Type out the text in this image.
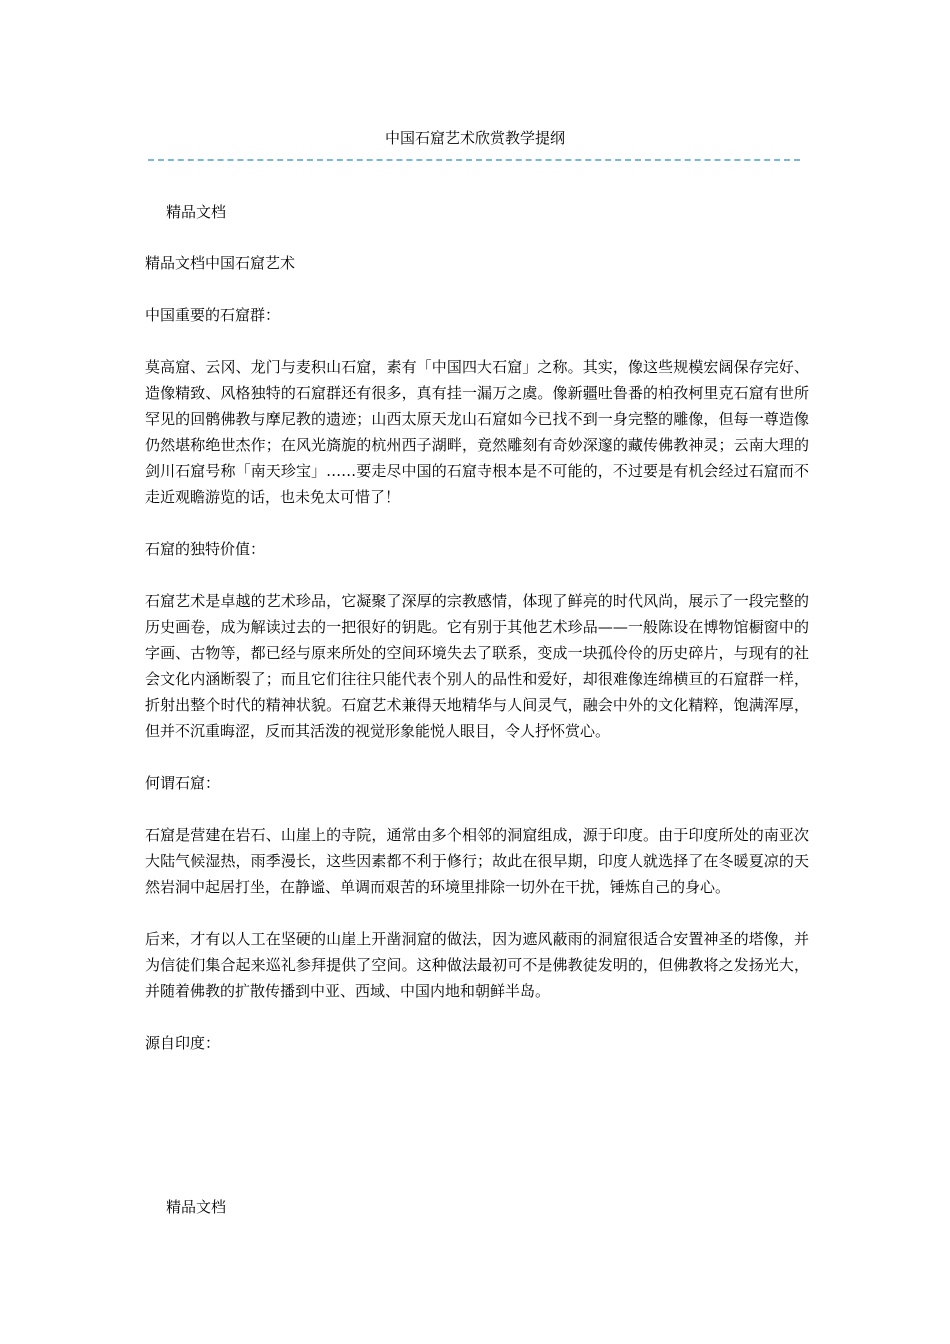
中国石窟艺术欣赏教学提纲
精品文档

精品文档中国石窟艺术

中国重要的石窟群：

莫高窟、云冈、龙门与麦积山石窟，素有「中国四大石窟」之称。其实，像这些规模宏阔保存完好、造像精致、风格独特的石窟群还有很多，真有挂一漏万之虞。像新疆吐鲁番的柏孜柯里克石窟有世所罕见的回鹘佛教与摩尼教的遗迹；山西太原天龙山石窟如今已找不到一身完整的雕像，但每一尊造像仍然堪称绝世杰作；在风光旖旎的杭州西子湖畔，竟然雕刻有奇妙深邃的藏传佛教神灵；云南大理的剑川石窟号称「南天珍宝」……要走尽中国的石窟寺根本是不可能的，不过要是有机会经过石窟而不走近观瞻游览的话，也未免太可惜了！

石窟的独特价值：

石窟艺术是卓越的艺术珍品，它凝聚了深厚的宗教感情，体现了鲜亮的时代风尚，展示了一段完整的历史画卷，成为解读过去的一把很好的钥匙。它有别于其他艺术珍品——一般陈设在博物馆橱窗中的字画、古物等，都已经与原来所处的空间环境失去了联系，变成一块孤伶伶的历史碎片，与现有的社会文化内涵断裂了；而且它们往往只能代表个别人的品性和爱好，却很难像连绵横亘的石窟群一样，折射出整个时代的精神状貌。石窟艺术兼得天地精华与人间灵气，融会中外的文化精粹，饱满浑厚，但并不沉重晦涩，反而其活泼的视觉形象能悦人眼目，令人抒怀赏心。

何谓石窟：

石窟是营建在岩石、山崖上的寺院，通常由多个相邻的洞窟组成，源于印度。由于印度所处的南亚次大陆气候湿热，雨季漫长，这些因素都不利于修行；故此在很早期，印度人就选择了在冬暖夏凉的天然岩洞中起居打坐，在静谧、单调而艰苦的环境里排除一切外在干扰，锤炼自己的身心。

后来，才有以人工在坚硬的山崖上开凿洞窟的做法，因为遮风蔽雨的洞窟很适合安置神圣的塔像，并为信徒们集合起来巡礼参拜提供了空间。这种做法最初可不是佛教徒发明的，但佛教将之发扬光大，并随着佛教的扩散传播到中亚、西域、中国内地和朝鲜半岛。

源自印度：

精品文档
